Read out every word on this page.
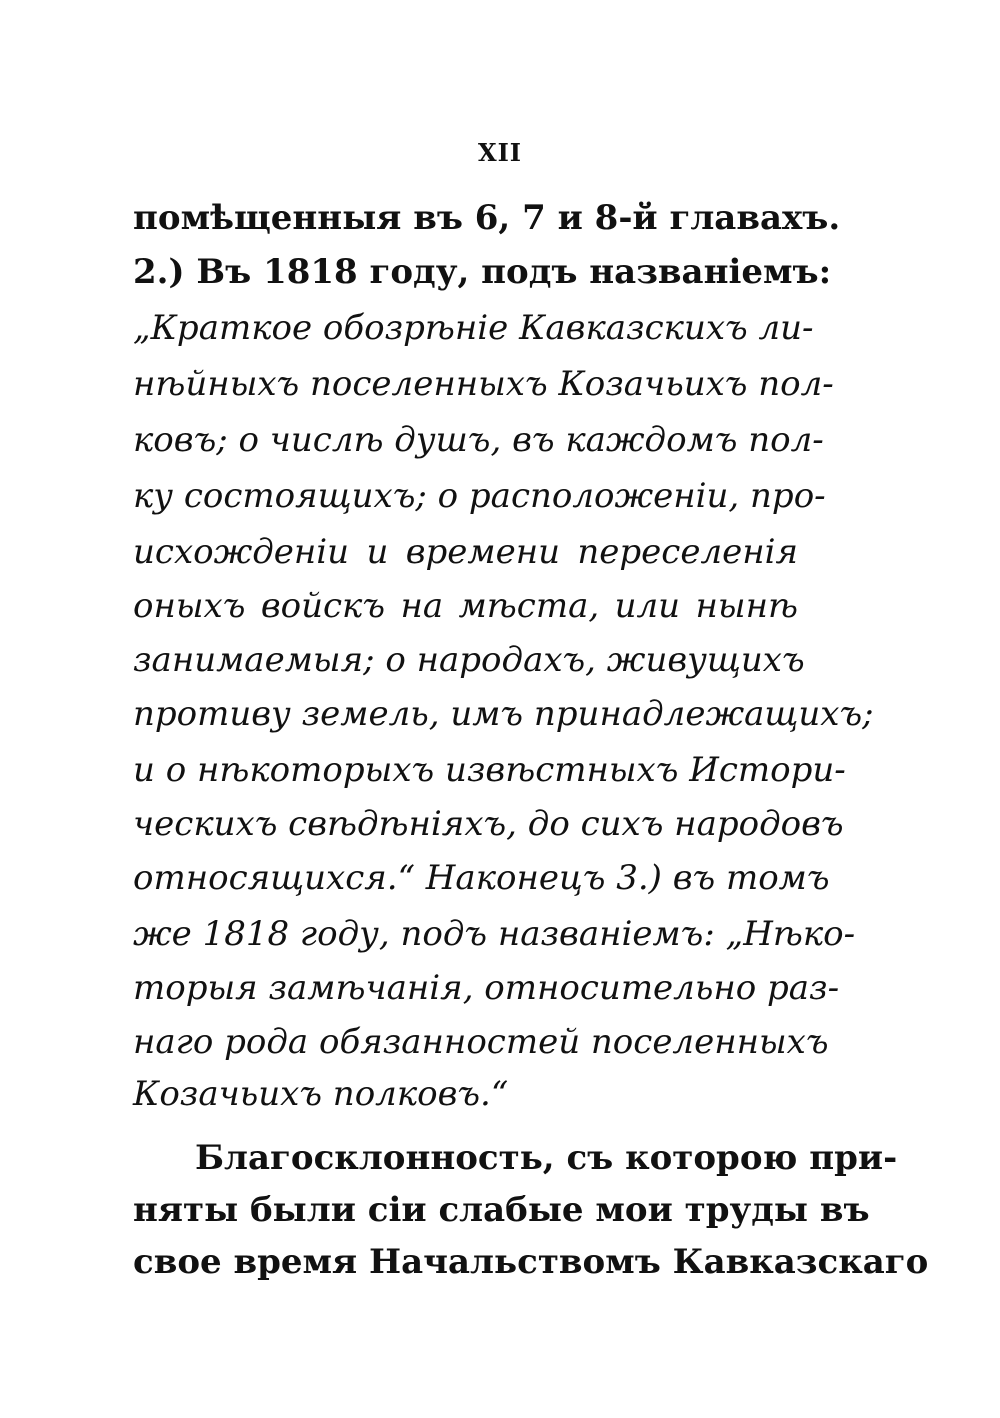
XII
помѣщенныя въ 6, 7 и 8-й главахъ.
2.) Въ 1818 году, подъ названіемъ:
„Краткое обозрѣніе Кавказскихъ ли-
нѣйныхъ поселенныхъ Козачьихъ пол-
ковъ; о числѣ душъ, въ каждомъ пол-
ку состоящихъ; о расположеніи, про-
исхожденіи и времени переселенія
оныхъ войскъ на мѣста, или нынѣ
занимаемыя; о народахъ, живущихъ
противу земель, имъ принадлежащихъ;
и о нѣкоторыхъ извѣстныхъ Истори-
ческихъ свѣдѣніяхъ, до сихъ народовъ
относящихся.“ Наконецъ 3.) въ томъ
же 1818 году, подъ названіемъ: „Нѣко-
торыя замѣчанія, относительно раз-
наго рода обязанностей поселенныхъ
Козачьихъ полковъ.“
Благосклонность, съ которою при-
няты были сіи слабые мои труды въ
свое время Начальствомъ Кавказскаго
